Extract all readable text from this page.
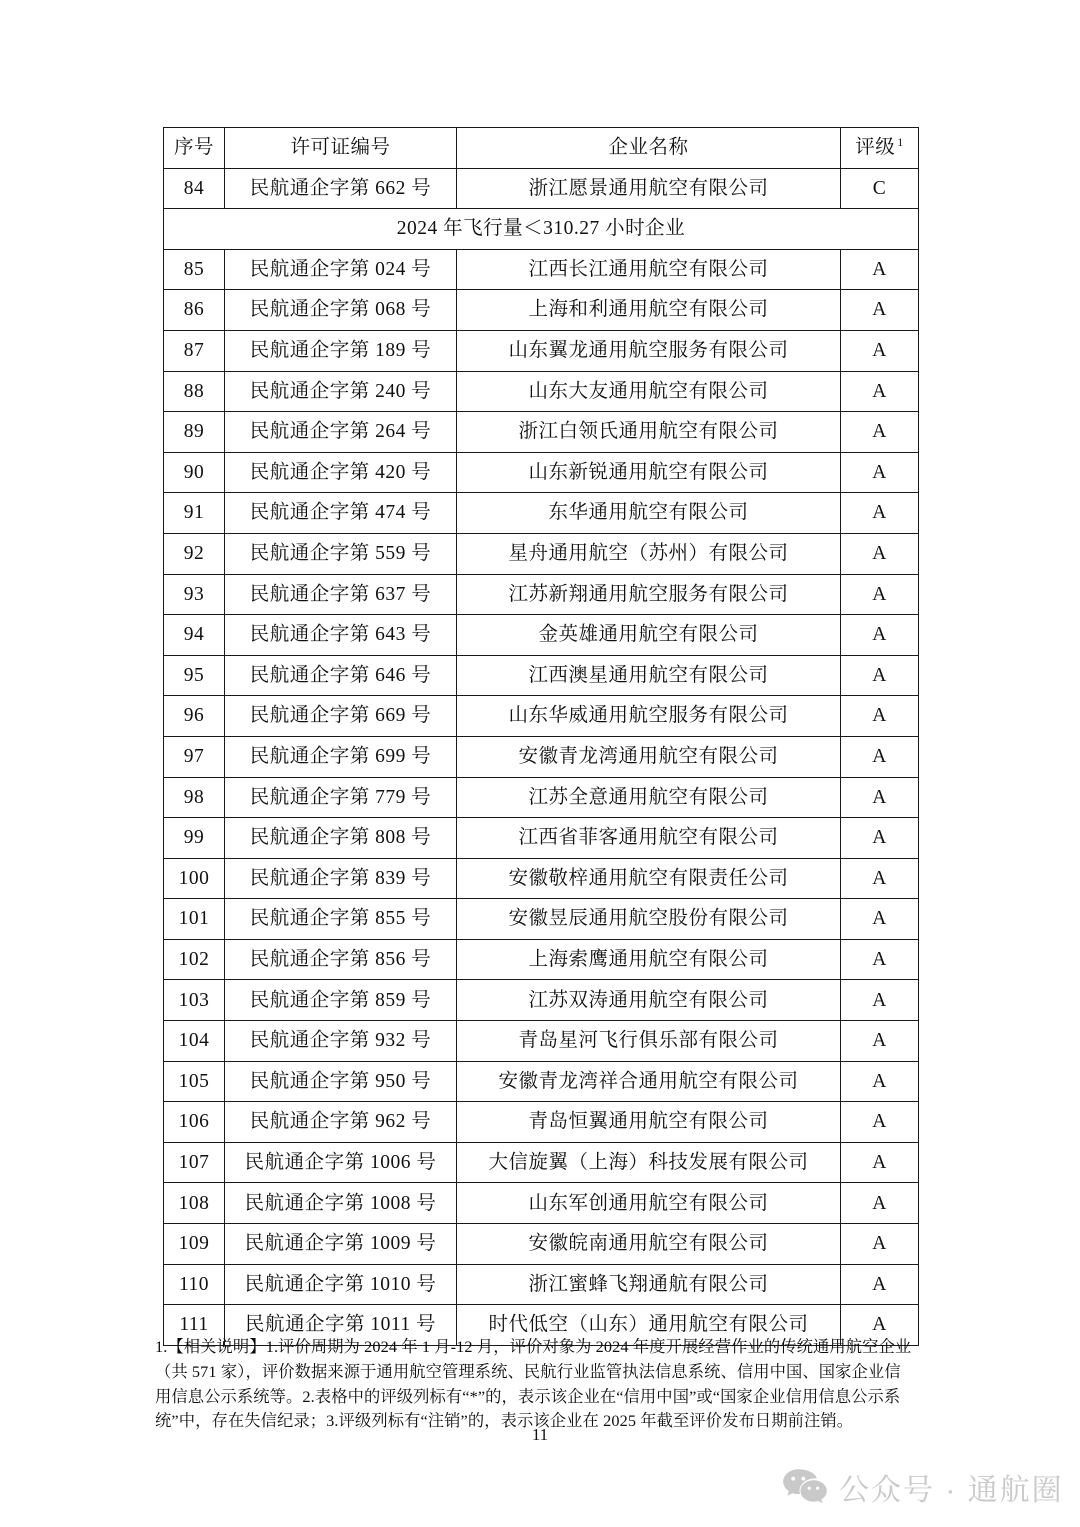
序号	许可证编号	企业名称	评级 $^1$
84	民航通企字第 662 号	浙江愿景通用航空有限公司	C
2024 年飞行量＜310.27 小时企业			
85	民航通企字第 024 号	江西长江通用航空有限公司	A
86	民航通企字第 068 号	上海和利通用航空有限公司	A
87	民航通企字第 189 号	山东翼龙通用航空服务有限公司	A
88	民航通企字第 240 号	山东大友通用航空有限公司	A
89	民航通企字第 264 号	浙江白领氏通用航空有限公司	A
90	民航通企字第 420 号	山东新锐通用航空有限公司	A
91	民航通企字第 474 号	东华通用航空有限公司	A
92	民航通企字第 559 号	星舟通用航空（苏州）有限公司	A
93	民航通企字第 637 号	江苏新翔通用航空服务有限公司	A
94	民航通企字第 643 号	金英雄通用航空有限公司	A
95	民航通企字第 646 号	江西澳星通用航空有限公司	A
96	民航通企字第 669 号	山东华威通用航空服务有限公司	A
97	民航通企字第 699 号	安徽青龙湾通用航空有限公司	A
98	民航通企字第 779 号	江苏全意通用航空有限公司	A
99	民航通企字第 808 号	江西省菲客通用航空有限公司	A
100	民航通企字第 839 号	安徽敬梓通用航空有限责任公司	A
101	民航通企字第 855 号	安徽昱辰通用航空股份有限公司	A
102	民航通企字第 856 号	上海索鹰通用航空有限公司	A
103	民航通企字第 859 号	江苏双涛通用航空有限公司	A
104	民航通企字第 932 号	青岛星河飞行俱乐部有限公司	A
105	民航通企字第 950 号	安徽青龙湾祥合通用航空有限公司	A
106	民航通企字第 962 号	青岛恒翼通用航空有限公司	A
107	民航通企字第 1006 号	大信旋翼（上海）科技发展有限公司	A
108	民航通企字第 1008 号	山东军创通用航空有限公司	A
109	民航通企字第 1009 号	安徽皖南通用航空有限公司	A
110	民航通企字第 1010 号	浙江蜜蜂飞翔通航有限公司	A
111	民航通企字第 1011 号	时代低空（山东）通用航空有限公司	A
1.【相关说明】1.评价周期为 2024 年 1 月-12 月，评价对象为 2024 年度开展经营作业的传统通用航空企业
（共 571 家），评价数据来源于通用航空管理系统、民航行业监管执法信息系统、信用中国、国家企业信
用信息公示系统等。2.表格中的评级列标有“*”的，表示该企业在“信用中国”或“国家企业信用信息公示系
统”中，存在失信纪录；3.评级列标有“注销”的，表示该企业在 2025 年截至评价发布日期前注销。
11
公众号 · 通航圈
